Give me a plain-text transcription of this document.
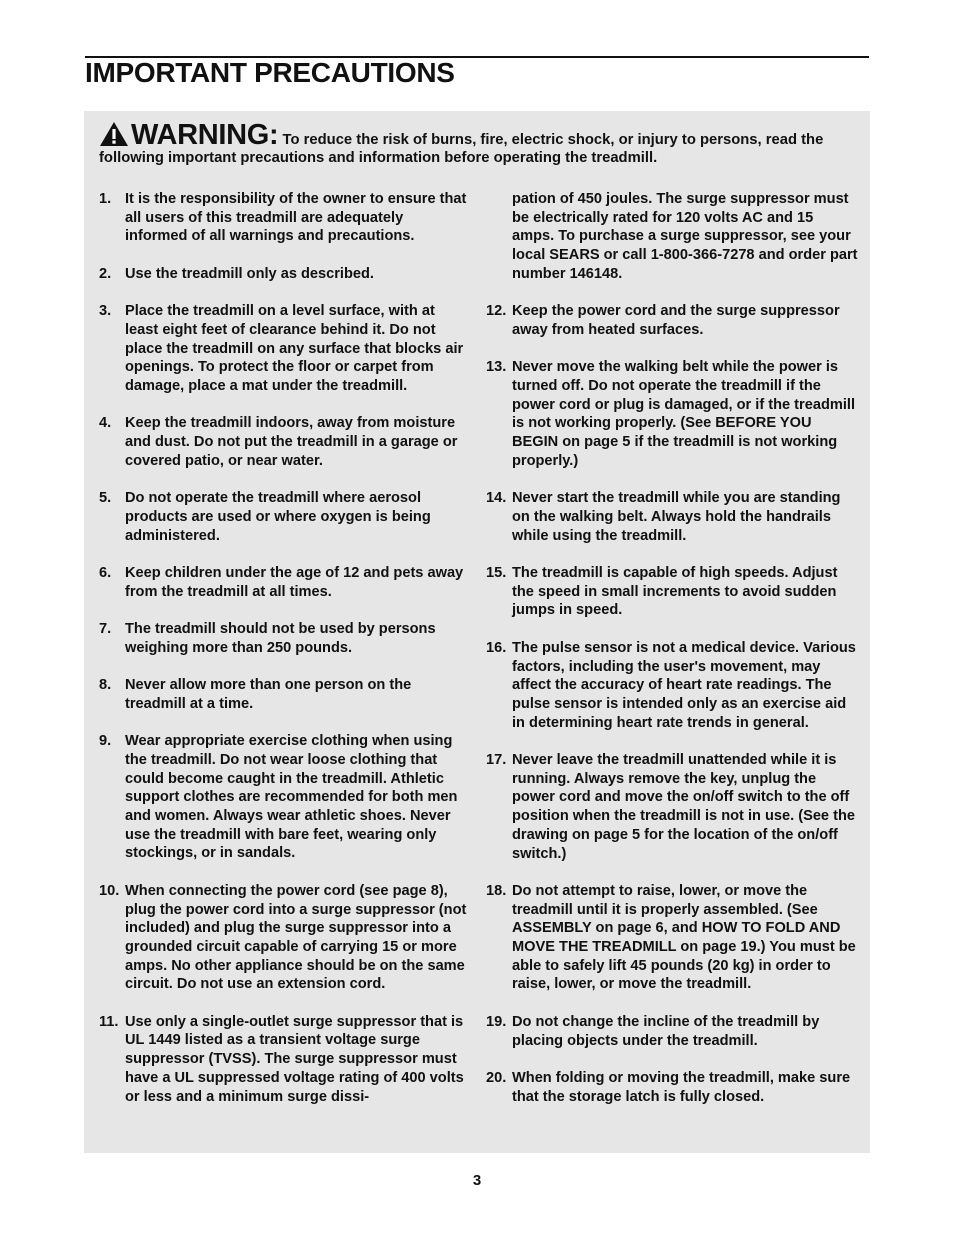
IMPORTANT PRECAUTIONS
WARNING: To reduce the risk of burns, fire, electric shock, or injury to persons, read the following important precautions and information before operating the treadmill.
1. It is the responsibility of the owner to ensure that all users of this treadmill are adequately informed of all warnings and precautions.
2. Use the treadmill only as described.
3. Place the treadmill on a level surface, with at least eight feet of clearance behind it. Do not place the treadmill on any surface that blocks air openings. To protect the floor or carpet from damage, place a mat under the treadmill.
4. Keep the treadmill indoors, away from moisture and dust. Do not put the treadmill in a garage or covered patio, or near water.
5. Do not operate the treadmill where aerosol products are used or where oxygen is being administered.
6. Keep children under the age of 12 and pets away from the treadmill at all times.
7. The treadmill should not be used by persons weighing more than 250 pounds.
8. Never allow more than one person on the treadmill at a time.
9. Wear appropriate exercise clothing when using the treadmill. Do not wear loose clothing that could become caught in the treadmill. Athletic support clothes are recommended for both men and women. Always wear athletic shoes. Never use the treadmill with bare feet, wearing only stockings, or in sandals.
10. When connecting the power cord (see page 8), plug the power cord into a surge suppressor (not included) and plug the surge suppressor into a grounded circuit capable of carrying 15 or more amps. No other appliance should be on the same circuit. Do not use an extension cord.
11. Use only a single-outlet surge suppressor that is UL 1449 listed as a transient voltage surge suppressor (TVSS). The surge suppressor must have a UL suppressed voltage rating of 400 volts or less and a minimum surge dissi-
pation of 450 joules. The surge suppressor must be electrically rated for 120 volts AC and 15 amps. To purchase a surge suppressor, see your local SEARS or call 1-800-366-7278 and order part number 146148.
12. Keep the power cord and the surge suppressor away from heated surfaces.
13. Never move the walking belt while the power is turned off. Do not operate the treadmill if the power cord or plug is damaged, or if the treadmill is not working properly. (See BEFORE YOU BEGIN on page 5 if the treadmill is not working properly.)
14. Never start the treadmill while you are standing on the walking belt. Always hold the handrails while using the treadmill.
15. The treadmill is capable of high speeds. Adjust the speed in small increments to avoid sudden jumps in speed.
16. The pulse sensor is not a medical device. Various factors, including the user's movement, may affect the accuracy of heart rate readings. The pulse sensor is intended only as an exercise aid in determining heart rate trends in general.
17. Never leave the treadmill unattended while it is running. Always remove the key, unplug the power cord and move the on/off switch to the off position when the treadmill is not in use. (See the drawing on page 5 for the location of the on/off switch.)
18. Do not attempt to raise, lower, or move the treadmill until it is properly assembled. (See ASSEMBLY on page 6, and HOW TO FOLD AND MOVE THE TREADMILL on page 19.) You must be able to safely lift 45 pounds (20 kg) in order to raise, lower, or move the treadmill.
19. Do not change the incline of the treadmill by placing objects under the treadmill.
20. When folding or moving the treadmill, make sure that the storage latch is fully closed.
3
